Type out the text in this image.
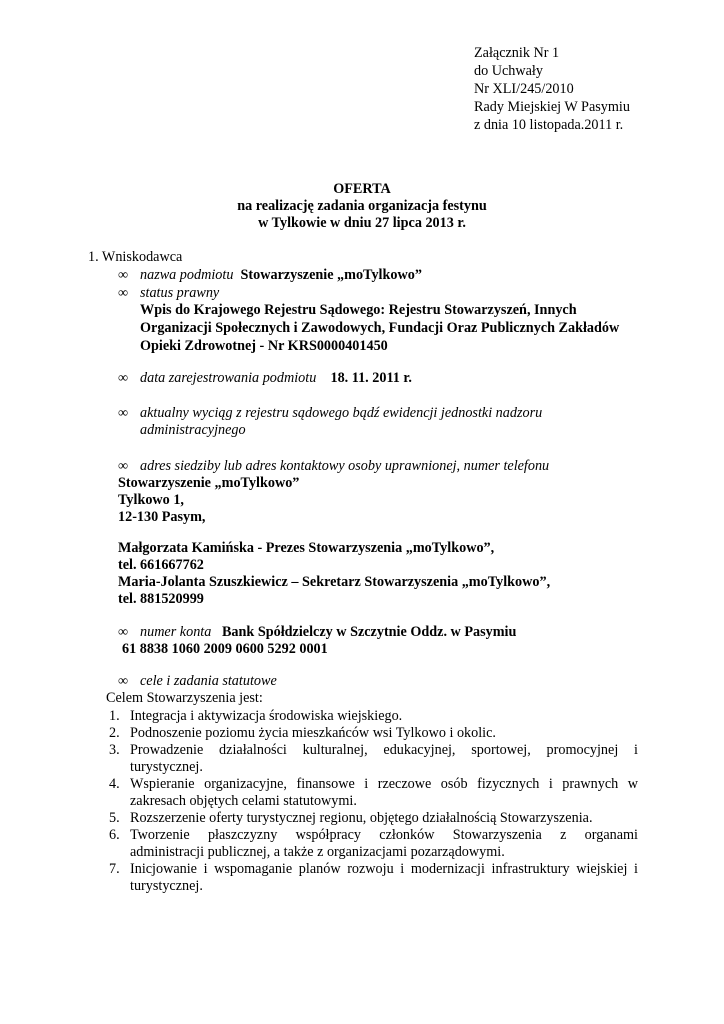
Załącznik Nr 1
do Uchwały
Nr XLI/245/2010
Rady Miejskiej W Pasymiu
z dnia 10 listopada.2011 r.
OFERTA
na realizację zadania organizacja festynu
w Tylkowie w dniu 27 lipca 2013 r.
1. Wniskodawca
∞ nazwa podmiotu Stowarzyszenie „moTylkowo”
∞ status prawny
Wpis do Krajowego Rejestru Sądowego: Rejestru Stowarzyszeń, Innych
Organizacji Społecznych i Zawodowych, Fundacji Oraz Publicznych Zakładów
Opieki Zdrowotnej - Nr KRS0000401450
∞ data zarejestrowania podmiotu 18. 11. 2011 r.
∞ aktualny wyciąg z rejestru sądowego bądź ewidencji jednostki nadzoru
administracyjnego
∞ adres siedziby lub adres kontaktowy osoby uprawnionej, numer telefonu
Stowarzyszenie „moTylkowo”
Tylkowo 1,
12-130 Pasym,
Małgorzata Kamińska - Prezes Stowarzyszenia „moTylkowo”,
tel. 661667762
Maria-Jolanta Szuszkiewicz – Sekretarz Stowarzyszenia „moTylkowo”,
tel. 881520999
∞ numer konta Bank Spółdzielczy w Szczytnie Oddz. w Pasymiu
61 8838 1060 2009 0600 5292 0001
∞ cele i zadania statutowe
Celem Stowarzyszenia jest:
1. Integracja i aktywizacja środowiska wiejskiego.
2. Podnoszenie poziomu życia mieszkańców wsi Tylkowo i okolic.
3. Prowadzenie działalności kulturalnej, edukacyjnej, sportowej, promocyjnej i
turystycznej.
4. Wspieranie organizacyjne, finansowe i rzeczowe osób fizycznych i prawnych w
zakresach objętych celami statutowymi.
5. Rozszerzenie oferty turystycznej regionu, objętego działalnością Stowarzyszenia.
6. Tworzenie płaszczyzny współpracy członków Stowarzyszenia z organami
administracji publicznej, a także z organizacjami pozarządowymi.
7. Inicjowanie i wspomaganie planów rozwoju i modernizacji infrastruktury wiejskiej i
turystycznej.
